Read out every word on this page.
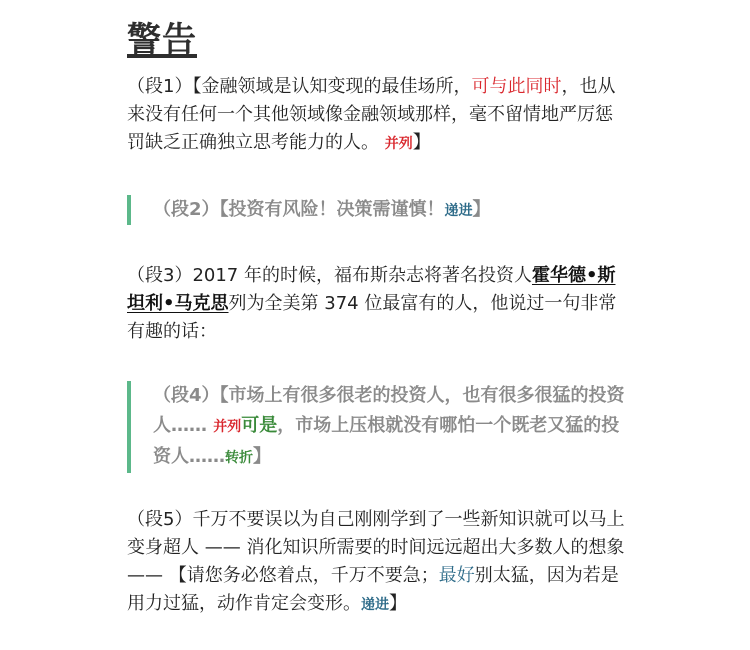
警告
（段1）【金融领域是认知变现的最佳场所，可与此同时，也从来没有任何一个其他领域像金融领域那样，毫不留情地严厉惩罚缺乏正确独立思考能力的人。 并列】
（段2）【投资有风险！决策需谨慎！递进】
（段3）2017 年的时候，福布斯杂志将著名投资人霍华德•斯坦利•马克思列为全美第 374 位最富有的人，他说过一句非常有趣的话：
（段4）【市场上有很多很老的投资人，也有很多很猛的投资人…… 并列可是，市场上压根就没有哪怕一个既老又猛的投资人……转折】
（段5）千万不要误以为自己刚刚学到了一些新知识就可以马上变身超人 —— 消化知识所需要的时间远远超出大多数人的想象 —— 【请您务必悠着点，千万不要急；最好别太猛，因为若是用力过猛，动作肯定会变形。递进】
